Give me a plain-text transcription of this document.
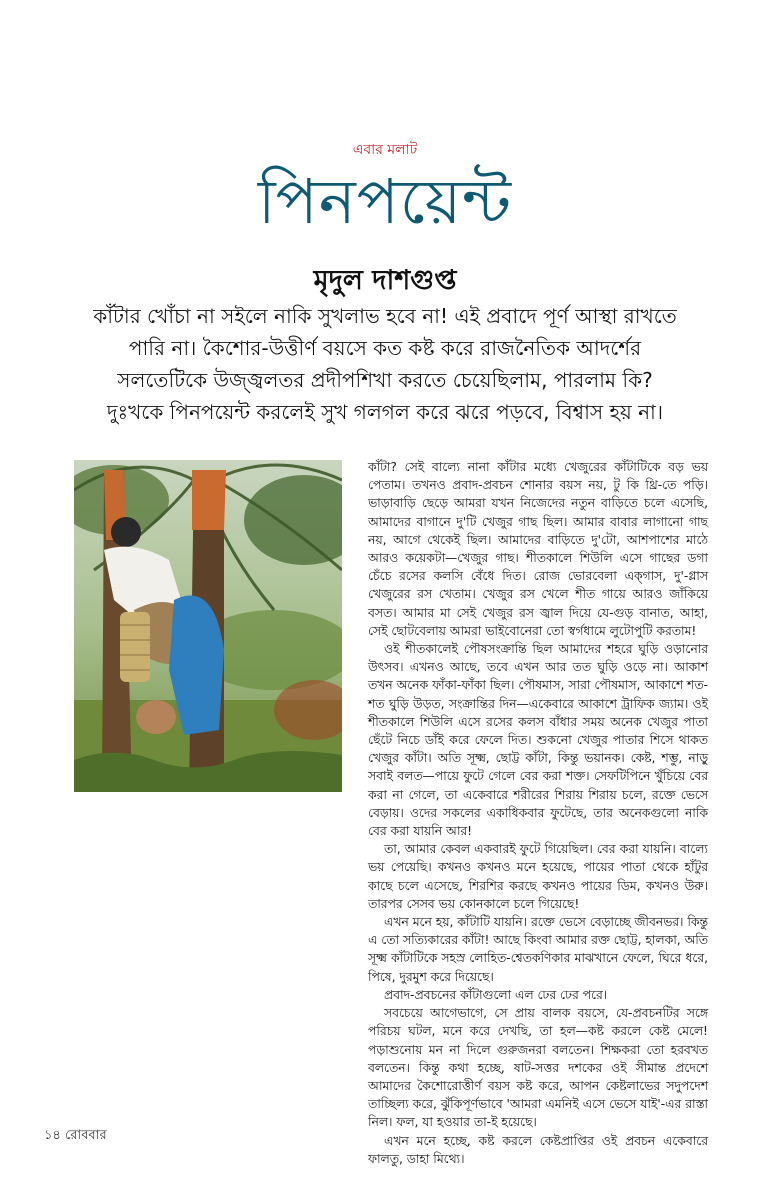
এবার মলাট
পিনপয়েন্ট
মৃদুল দাশগুপ্ত
কাঁটার খোঁচা না সইলে নাকি সুখলাভ হবে না! এই প্রবাদে পূর্ণ আস্থা রাখতে
পারি না। কৈশোর-উত্তীর্ণ বয়সে কত কষ্ট করে রাজনৈতিক আদর্শের
সলতেটিকে উজ্জ্বলতর প্রদীপশিখা করতে চেয়েছিলাম, পারলাম কি?
দুঃখকে পিনপয়েন্ট করলেই সুখ গলগল করে ঝরে পড়বে, বিশ্বাস হয় না।

কাঁটা? সেই বাল্যে নানা কাঁটার মধ্যে খেজুরের কাঁটাটিকে বড় ভয় পেতাম। তখনও প্রবাদ-প্রবচন শোনার বয়স নয়, টু কি থ্রি-তে পড়ি। ভাড়াবাড়ি ছেড়ে আমরা যখন নিজেদের নতুন বাড়িতে চলে এসেছি, আমাদের বাগানে দু'টি খেজুর গাছ ছিল। আমার বাবার লাগানো গাছ নয়, আগে থেকেই ছিল। আমাদের বাড়িতে দু'টো, আশপাশের মাঠে আরও কয়েকটা—খেজুর গাছ। শীতকালে শিউলি এসে গাছের ডগা চেঁচে রসের কলসি বেঁধে দিত। রোজ ভোরবেলা এক্গাস, দু'-গ্লাস খেজুরের রস খেতাম। খেজুর রস খেলে শীত গায়ে আরও জাঁকিয়ে বসত। আমার মা সেই খেজুর রস জ্বাল দিয়ে যে-গুড় বানাত, আহা, সেই ছোটবেলায় আমরা ভাইবোনেরা তো স্বর্গধামে লুটোপুটি করতাম!

ওই শীতকালেই পৌষসংক্রান্তি ছিল আমাদের শহরে ঘুড়ি ওড়ানোর উৎসব। এখনও আছে, তবে এখন আর তত ঘুড়ি ওড়ে না। আকাশ তখন অনেক ফাঁকা-ফাঁকা ছিল। পৌষমাস, সারা পৌষমাস, আকাশে শত-শত ঘুড়ি উড়ত, সংক্রান্তির দিন—একেবারে আকাশে ট্রাফিক জ্যাম। ওই শীতকালে শিউলি এসে রসের কলস বাঁধার সময় অনেক খেজুর পাতা ছেঁটে নিচে ডাঁই করে ফেলে দিত। শুকনো খেজুর পাতার শিসে থাকত খেজুর কাঁটা। অতি সূক্ষ্ম, ছোট্ট কাঁটা, কিন্তু ভয়ানক। কেষ্ট, শম্ভু, নাড়ু সবাই বলত—পায়ে ফুটে গেলে বের করা শক্ত। সেফটিপিনে খুঁচিয়ে বের করা না গেলে, তা একেবারে শরীরের শিরায় শিরায় চলে, রক্তে ভেসে বেড়ায়। ওদের সকলের একাধিকবার ফুটেছে, তার অনেকগুলো নাকি বের করা যায়নি আর!

তা, আমার কেবল একবারই ফুটে গিয়েছিল। বের করা যায়নি। বাল্যে ভয় পেয়েছি। কখনও কখনও মনে হয়েছে, পায়ের পাতা থেকে হাঁটুর কাছে চলে এসেছে, শিরশির করছে কখনও পায়ের ডিম, কখনও উরু। তারপর সেসব ভয় কোনকালে চলে গিয়েছে!

এখন মনে হয়, কাঁটাটি যায়নি। রক্তে ভেসে বেড়াচ্ছে জীবনভর। কিন্তু এ তো সত্যিকারের কাঁটা! আছে কিংবা আমার রক্ত ছোট্ট, হালকা, অতি সূক্ষ্ম কাঁটাটিকে সহস্র লোহিত-শ্বেতকণিকার মাঝখানে ফেলে, ঘিরে ধরে, পিষে, দুরমুশ করে দিয়েছে।

প্রবাদ-প্রবচনের কাঁটাগুলো এল ঢের ঢের পরে।

সবচেয়ে আগেভাগে, সে প্রায় বালক বয়সে, যে-প্রবচনটির সঙ্গে পরিচয় ঘটল, মনে করে দেখছি, তা হল—কষ্ট করলে কেষ্ট মেলে! পড়াশুনোয় মন না দিলে গুরুজনরা বলতেন। শিক্ষকরা তো হরবখত বলতেন। কিন্তু কথা হচ্ছে, ষাট-সত্তর দশকের ওই সীমান্ত প্রদেশে আমাদের কৈশোরোত্তীর্ণ বয়স কষ্ট করে, আপন কেষ্টলাভের সদুপদেশ তাচ্ছিল্য করে, ঝুঁকিপূর্ণভাবে 'আমরা এমনিই এসে ভেসে যাই'-এর রাস্তা নিল। ফল, যা হওয়ার তা-ই হয়েছে।

এখন মনে হচ্ছে, কষ্ট করলে কেষ্টপ্রাপ্তির ওই প্রবচন একেবারে ফালতু, ডাহা মিথ্যে।

১৪ রোববার
